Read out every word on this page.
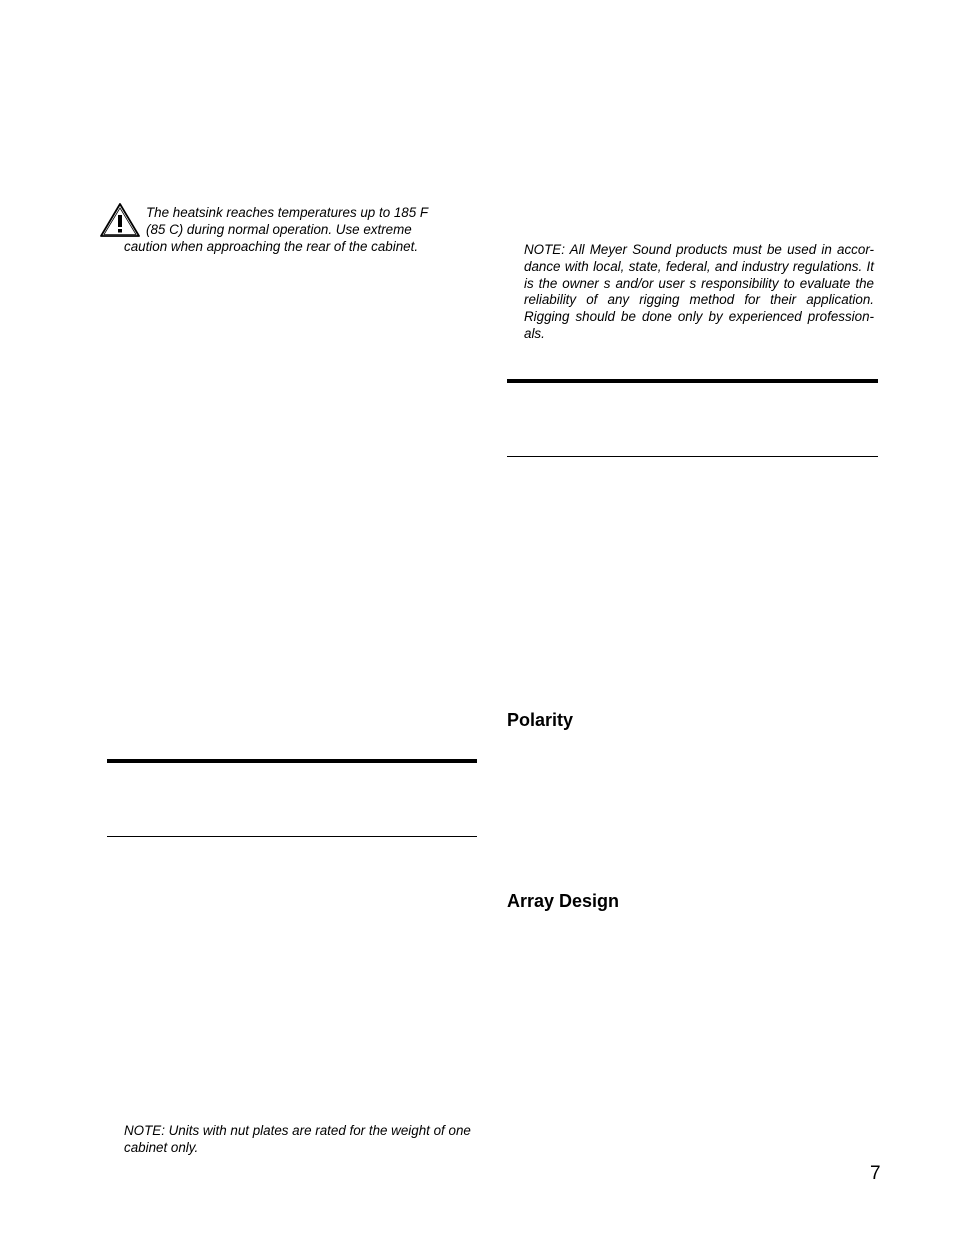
The heatsink reaches temperatures up to 185 F
(85 C) during normal operation. Use extreme
caution when approaching the rear of the cabinet.	NOTE: All Meyer Sound products must be used in accor-dance with local, state, federal, and industry regulations. It is the owner s and/or user s responsibility to evaluate the reliability of any rigging method for their application. Rigging should be done only by experienced profession-als.

Polarity
Array Design

NOTE: Units with nut plates are rated for the weight of one cabinet only.

7
